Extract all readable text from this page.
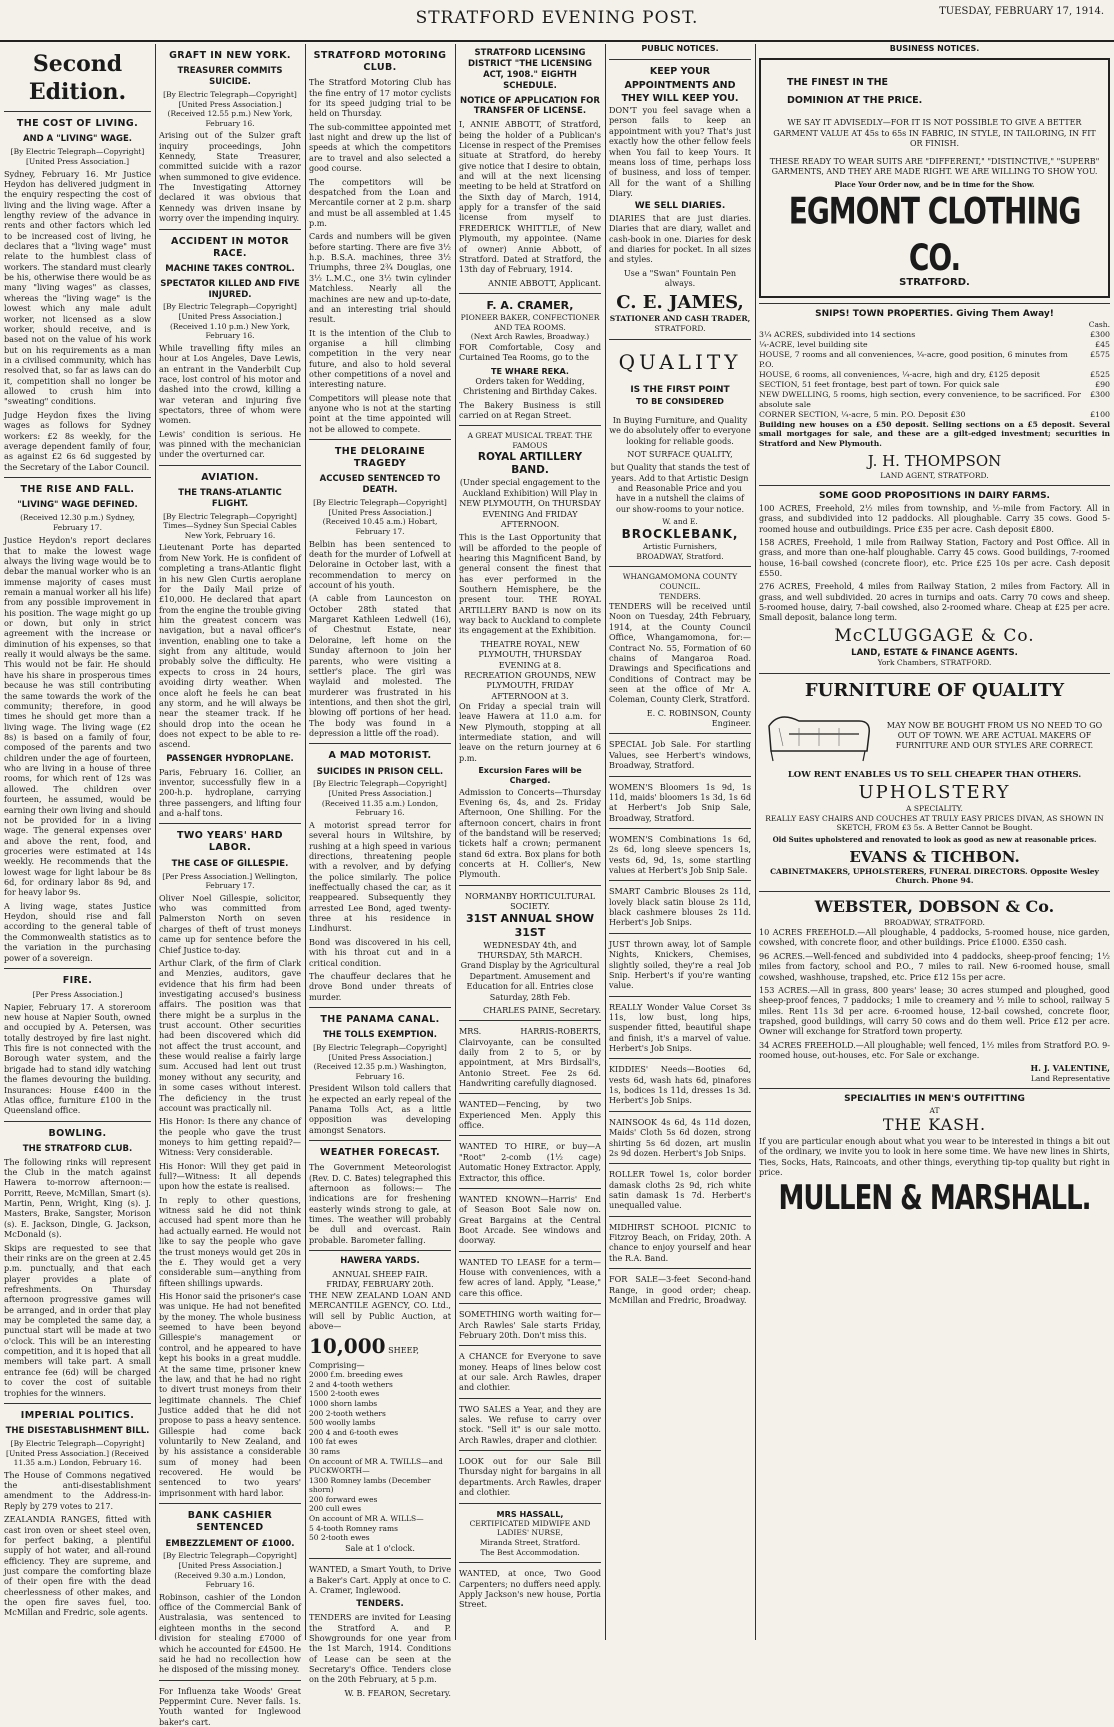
STRATFORD EVENING POST.	TUESDAY, FEBRUARY 17, 1914.
Second Edition.
THE COST OF LIVING.
AND A "LIVING" WAGE.
[By Electric Telegraph—Copyright] [United Press Association.]

Sydney, February 16. Mr Justice Heydon has delivered judgment in the enquiry respecting the cost of living and the living wage. After a lengthy review of the advance in rents and other factors which led to be increased cost of living, he declares that a "living wage" must relate to the humblest class of workers. The standard must clearly be his, otherwise there would be as many "living wages" as classes, whereas the "living wage" is the lowest which any male adult worker, not licensed as a slow worker, should receive, and is based not on the value of his work but on his requirements as a man in a civilised community, which has resolved that, so far as laws can do it, competition shall no longer be allowed to crush him into "sweating" conditions.

Judge Heydon fixes the living wages as follows for Sydney workers: £2 8s weekly, for the average dependent family of four, as against £2 6s 6d suggested by the Secretary of the Labor Council.

THE RISE AND FALL.
"LIVING" WAGE DEFINED.
(Received 12.30 p.m.) Sydney, February 17.

Justice Heydon's report declares that to make the lowest wage always the living wage would be to debar the manual worker who is an immense majority of cases must remain a manual worker all his life) from any possible improvement in his position. The wage might go up or down, but only in strict agreement with the increase or diminution of his expenses, so that really it would always be the same. This would not be fair. He should have his share in prosperous times because he was still contributing the same towards the work of the community; therefore, in good times he should get more than a living wage. The living wage (£2 8s) is based on a family of four, composed of the parents and two children under the age of fourteen, who are living in a house of three rooms, for which rent of 12s was allowed. The children over fourteen, he assumed, would be earning their own living and should not be provided for in a living wage. The general expenses over and above the rent, food, and groceries were estimated at 14s weekly. He recommends that the lowest wage for light labour be 8s 6d, for ordinary labor 8s 9d, and for heavy labor 9s.

A living wage, states Justice Heydon, should rise and fall according to the general table of the Commonwealth statistics as to the variation in the purchasing power of a sovereign.

FIRE.
[Per Press Association.]

Napier, February 17. A storeroom new house at Napier South, owned and occupied by A. Petersen, was totally destroyed by fire last night. This fire is not connected with the Borough water system, and the brigade had to stand idly watching the flames devouring the building. Insurances: House £400 in the Atlas office, furniture £100 in the Queensland office.

BOWLING.
THE STRATFORD CLUB.

The following rinks will represent the Club in the match against Hawera to-morrow afternoon:— Porritt, Reeve, McMillan, Smart (s). Martin, Penn, Wright, King (s). J. Masters, Brake, Sangster, Morison (s). E. Jackson, Dingle, G. Jackson, McDonald (s).

Skips are requested to see that their rinks are on the green at 2.45 p.m. punctually, and that each player provides a plate of refreshments. On Thursday afternoon progressive games will be arranged, and in order that play may be completed the same day, a punctual start will be made at two o'clock. This will be an interesting competition, and it is hoped that all members will take part. A small entrance fee (6d) will be charged to cover the cost of suitable trophies for the winners.

IMPERIAL POLITICS.
THE DISESTABLISHMENT BILL.
[By Electric Telegraph—Copyright] [United Press Association.] (Received 11.35 a.m.) London, February 16.

The House of Commons negatived the anti-disestablishment amendment to the Address-in-Reply by 279 votes to 217.

ZEALANDIA RANGES, fitted with cast iron oven or sheet steel oven, for perfect baking, a plentiful supply of hot water, and all-round efficiency. They are supreme, and just compare the comforting blaze of their open fire with the dead cheerlessness of other makes, and the open fire saves fuel, too. McMillan and Fredric, sole agents.

GRAFT IN NEW YORK.
TREASURER COMMITS SUICIDE.
[By Electric Telegraph—Copyright] [United Press Association.] (Received 12.55 p.m.) New York, February 16.

Arising out of the Sulzer graft inquiry proceedings, John Kennedy, State Treasurer, committed suicide with a razor when summoned to give evidence. The Investigating Attorney declared it was obvious that Kennedy was driven insane by worry over the impending inquiry.

ACCIDENT IN MOTOR RACE.
MACHINE TAKES CONTROL.
SPECTATOR KILLED AND FIVE INJURED.
[By Electric Telegraph—Copyright] [United Press Association.] (Received 1.10 p.m.) New York, February 16.

While travelling fifty miles an hour at Los Angeles, Dave Lewis, an entrant in the Vanderbilt Cup race, lost control of his motor and dashed into the crowd, killing a war veteran and injuring five spectators, three of whom were women.

Lewis' condition is serious. He was pinned with the mechanician under the overturned car.

AVIATION.
THE TRANS-ATLANTIC FLIGHT.
[By Electric Telegraph—Copyright] Times—Sydney Sun Special Cables New York, February 16.

Lieutenant Porte has departed from New York. He is confident of completing a trans-Atlantic flight in his new Glen Curtis aeroplane for the Daily Mail prize of £10,000. He declared that apart from the engine the trouble giving him the greatest concern was navigation, but a naval officer's invention, enabling one to take a sight from any altitude, would probably solve the difficulty. He expects to cross in 24 hours, avoiding dirty weather. When once aloft he feels he can beat any storm, and he will always be near the steamer track. If he should drop into the ocean he does not expect to be able to re-ascend.

PASSENGER HYDROPLANE.

Paris, February 16. Collier, an inventor, successfully flew in a 200-h.p. hydroplane, carrying three passengers, and lifting four and a-half tons.

TWO YEARS' HARD LABOR.
THE CASE OF GILLESPIE.
[Per Press Association.] Wellington, February 17.

Oliver Noel Gillespie, solicitor, who was committed from Palmerston North on seven charges of theft of trust moneys came up for sentence before the Chief Justice to-day.

Arthur Clark, of the firm of Clark and Menzies, auditors, gave evidence that his firm had been investigating accused's business affairs. The position was that there might be a surplus in the trust account. Other securities had been discovered which did not affect the trust account, and these would realise a fairly large sum. Accused had lent out trust money without any security, and in some cases without interest. The deficiency in the trust account was practically nil.

His Honor: Is there any chance of the people who gave the trust moneys to him getting repaid?—Witness: Very considerable.

His Honor: Will they get paid in full?—Witness: It all depends upon how the estate is realised.

In reply to other questions, witness said he did not think accused had spent more than he had actually earned. He would not like to say the people who gave the trust moneys would get 20s in the £. They would get a very considerable sum—anything from fifteen shillings upwards.

His Honor said the prisoner's case was unique. He had not benefited by the money. The whole business seemed to have been beyond Gillespie's management or control, and he appeared to have kept his books in a great muddle. At the same time, prisoner knew the law, and that he had no right to divert trust moneys from their legitimate channels. The Chief Justice added that he did not propose to pass a heavy sentence. Gillespie had come back voluntarily to New Zealand, and by his assistance a considerable sum of money had been recovered. He would be sentenced to two years' imprisonment with hard labor.

BANK CASHIER SENTENCED
EMBEZZLEMENT OF £1000.
[By Electric Telegraph—Copyright] [United Press Association.] (Received 9.30 a.m.) London, February 16.

Robinson, cashier of the London office of the Commercial Bank of Australasia, was sentenced to eighteen months in the second division for stealing £7000 of which he accounted for £4500. He said he had no recollection how he disposed of the missing money.

For Influenza take Woods' Great Peppermint Cure. Never fails. 1s. Youth wanted for Inglewood baker's cart.

STRATFORD MOTORING CLUB.

The Stratford Motoring Club has the fine entry of 17 motor cyclists for its speed judging trial to be held on Thursday.

The sub-committee appointed met last night and drew up the list of speeds at which the competitors are to travel and also selected a good course.

The competitors will be despatched from the Loan and Mercantile corner at 2 p.m. sharp and must be all assembled at 1.45 p.m.

Cards and numbers will be given before starting. There are five 3½ h.p. B.S.A. machines, three 3½ Triumphs, three 2¾ Douglas, one 3½ L.M.C., one 3½ twin cylinder Matchless. Nearly all the machines are new and up-to-date, and an interesting trial should result.

It is the intention of the Club to organise a hill climbing competition in the very near future, and also to hold several other competitions of a novel and interesting nature.

Competitors will please note that anyone who is not at the starting point at the time appointed will not be allowed to compete.

THE DELORAINE TRAGEDY
ACCUSED SENTENCED TO DEATH.
[By Electric Telegraph—Copyright] [United Press Association.] (Received 10.45 a.m.) Hobart, February 17.

Belbin has been sentenced to death for the murder of Lofwell at Deloraine in October last, with a recommendation to mercy on account of his youth.

(A cable from Launceston on October 28th stated that Margaret Kathleen Ledwell (16), of Chestnut Estate, near Deloraine, left home on the Sunday afternoon to join her parents, who were visiting a settler's place. The girl was waylaid and molested. The murderer was frustrated in his intentions, and then shot the girl, blowing off portions of her head. The body was found in a depression a little off the road).

A MAD MOTORIST.
SUICIDES IN PRISON CELL.
[By Electric Telegraph—Copyright] [United Press Association.] (Received 11.35 a.m.) London, February 16.

A motorist spread terror for several hours in Wiltshire, by rushing at a high speed in various directions, threatening people with a revolver, and by defying the police similarly. The police ineffectually chased the car, as it reappeared. Subsequently they arrested Lee Bond, aged twenty-three at his residence in Lindhurst.

Bond was discovered in his cell, with his throat cut and in a critical condition.

The chauffeur declares that he drove Bond under threats of murder.

THE PANAMA CANAL.
THE TOLLS EXEMPTION.
[By Electric Telegraph—Copyright] [United Press Association.] (Received 12.35 p.m.) Washington, February 16.

President Wilson told callers that he expected an early repeal of the Panama Tolls Act, as a little opposition was developing amongst Senators.

WEATHER FORECAST.

The Government Meteorologist (Rev. D. C. Bates) telegraphed this afternoon as follows:— The indications are for freshening easterly winds strong to gale, at times. The weather will probably be dull and overcast. Rain probable. Barometer falling.

HAWERA YARDS.
ANNUAL SHEEP FAIR.
FRIDAY, FEBRUARY 20th.

THE NEW ZEALAND LOAN AND MERCANTILE AGENCY, CO. Ltd., will sell by Public Auction, at above—

10,000 SHEEP, Comprising—
2000 f.m. breeding ewes
2 and 4-tooth wethers
1500 2-tooth ewes
1000 shorn lambs
200 2-tooth wethers
500 woolly lambs
200 4 and 6-tooth ewes
100 fat ewes
30 rams
On account of MR A. TWILLS—and PUCKWORTH—
1300 Romney lambs (December shorn)
200 forward ewes
200 cull ewes
On account of MR A. WILLS—
5 4-tooth Romney rams
50 2-tooth ewes
Sale at 1 o'clock.

WANTED, a Smart Youth, to Drive a Baker's Cart. Apply at once to C. A. Cramer, Inglewood.

TENDERS.

TENDERS are invited for Leasing the Stratford A. and P. Showgrounds for one year from the 1st March, 1914. Conditions of Lease can be seen at the Secretary's Office. Tenders close on the 20th February, at 5 p.m.

W. B. FEARON, Secretary.
STRATFORD LICENSING DISTRICT "THE LICENSING ACT, 1908." EIGHTH SCHEDULE.
NOTICE OF APPLICATION FOR TRANSFER OF LICENSE.

I, ANNIE ABBOTT, of Stratford, being the holder of a Publican's License in respect of the Premises situate at Stratford, do hereby give notice that I desire to obtain, and will at the next licensing meeting to be held at Stratford on the Sixth day of March, 1914, apply for a transfer of the said license from myself to FREDERICK WHITTLE, of New Plymouth, my appointee. (Name of owner) Annie Abbott, of Stratford. Dated at Stratford, the 13th day of February, 1914.

ANNIE ABBOTT, Applicant.
F. A. CRAMER,
PIONEER BAKER, CONFECTIONER AND TEA ROOMS.
(Next Arch Rawles, Broadway.)

FOR Comfortable, Cosy and Curtained Tea Rooms, go to the

TE WHARE REKA.

Orders taken for Wedding, Christening and Birthday Cakes.

The Bakery Business is still carried on at Regan Street.

A GREAT MUSICAL TREAT. THE FAMOUS
ROYAL ARTILLERY BAND.

(Under special engagement to the Auckland Exhibition) Will Play in NEW PLYMOUTH, On THURSDAY EVENING And FRIDAY AFTERNOON.

This is the Last Opportunity that will be afforded to the people of hearing this Magnificent Band, by general consent the finest that has ever performed in the Southern Hemisphere, be the present tour. THE ROYAL ARTILLERY BAND is now on its way back to Auckland to complete its engagement at the Exhibition.

THEATRE ROYAL, NEW PLYMOUTH, THURSDAY EVENING at 8.
RECREATION GROUNDS, NEW PLYMOUTH, FRIDAY AFTERNOON at 3.

On Friday a special train will leave Hawera at 11.0 a.m. for New Plymouth, stopping at all intermediate station, and will leave on the return journey at 6 p.m.

Excursion Fares will be Charged.

Admission to Concerts—Thursday Evening 6s, 4s, and 2s. Friday Afternoon, One Shilling. For the afternoon concert, chairs in front of the bandstand will be reserved; tickets half a crown; permanent stand 6d extra. Box plans for both concerts at H. Collier's, New Plymouth.

NORMANBY HORTICULTURAL SOCIETY.
31ST ANNUAL SHOW 31ST
WEDNESDAY 4th, and THURSDAY, 5th MARCH.

Grand Display by the Agricultural Department. Amusement and Education for all. Entries close Saturday, 28th Feb.

CHARLES PAINE, Secretary.

MRS. HARRIS-ROBERTS, Clairvoyante, can be consulted daily from 2 to 5, or by appointment, at Mrs Birdsall's, Antonio Street. Fee 2s 6d. Handwriting carefully diagnosed.

WANTED—Fencing, by two Experienced Men. Apply this office.

WANTED TO HIRE, or buy—A "Root" 2-comb (1½ cage) Automatic Honey Extractor. Apply, Extractor, this office.

WANTED KNOWN—Harris' End of Season Boot Sale now on. Great Bargains at the Central Boot Arcade. See windows and doorway.

WANTED TO LEASE for a term—House with conveniences, with a few acres of land. Apply, "Lease," care this office.

SOMETHING worth waiting for—Arch Rawles' Sale starts Friday, February 20th. Don't miss this.

A CHANCE for Everyone to save money. Heaps of lines below cost at our sale. Arch Rawles, draper and clothier.

TWO SALES a Year, and they are sales. We refuse to carry over stock. "Sell it" is our sale motto. Arch Rawles, draper and clothier.

LOOK out for our Sale Bill Thursday night for bargains in all departments. Arch Rawles, draper and clothier.

MRS HASSALL,
CERTIFICATED MIDWIFE AND LADIES' NURSE,
Miranda Street, Stratford.
The Best Accommodation.

WANTED, at once, Two Good Carpenters; no duffers need apply. Apply Jackson's new house, Portia Street.

PUBLIC NOTICES.
KEEP YOUR APPOINTMENTS AND THEY WILL KEEP YOU.

DON'T you feel savage when a person fails to keep an appointment with you? That's just exactly how the other fellow feels when You fail to keep Yours. It means loss of time, perhaps loss of business, and loss of temper. All for the want of a Shilling Diary.

WE SELL DIARIES.

DIARIES that are just diaries. Diaries that are diary, wallet and cash-book in one. Diaries for desk and diaries for pocket. In all sizes and styles.

Use a "Swan" Fountain Pen always.

C. E. JAMES,
STATIONER AND CASH TRADER,
STRATFORD.
QUALITY
IS THE FIRST POINT
TO BE CONSIDERED

In Buying Furniture, and Quality we do absolutely offer to everyone looking for reliable goods.

NOT SURFACE QUALITY,

but Quality that stands the test of years. Add to that Artistic Design and Reasonable Price and you have in a nutshell the claims of our show-rooms to your notice.

W. and E.
BROCKLEBANK,
Artistic Furnishers,
BROADWAY, Stratford.
WHANGAMOMONA COUNTY COUNCIL.
TENDERS.

TENDERS will be received until Noon on Tuesday, 24th February, 1914, at the County Council Office, Whangamomona, for:— Contract No. 55, Formation of 60 chains of Mangaroa Road. Drawings and Specifications and Conditions of Contract may be seen at the office of Mr A. Coleman, County Clerk, Stratford.

E. C. ROBINSON, County Engineer.

SPECIAL Job Sale. For startling Values, see Herbert's windows, Broadway, Stratford.

WOMEN'S Bloomers 1s 9d, 1s 11d, maids' bloomers 1s 3d, 1s 6d at Herbert's Job Snip Sale, Broadway, Stratford.

WOMEN'S Combinations 1s 6d, 2s 6d, long sleeve spencers 1s, vests 6d, 9d, 1s, some startling values at Herbert's Job Snip Sale.

SMART Cambric Blouses 2s 11d, lovely black satin blouse 2s 11d, black cashmere blouses 2s 11d. Herbert's Job Snips.

JUST thrown away, lot of Sample Nights, Knickers, Chemises, slightly soiled, they're a real Job Snip. Herbert's if you're wanting value.

REALLY Wonder Value Corset 3s 11s, low bust, long hips, suspender fitted, beautiful shape and finish, it's a marvel of value. Herbert's Job Snips.

KIDDIES' Needs—Booties 6d, vests 6d, wash hats 6d, pinafores 1s, bodices 1s 11d, dresses 1s 3d. Herbert's Job Snips.

NAINSOOK 4s 6d, 4s 11d dozen, Maids' Cloth 5s 6d dozen, strong shirting 5s 6d dozen, art muslin 2s 9d dozen. Herbert's Job Snips.

ROLLER Towel 1s, color border damask cloths 2s 9d, rich white satin damask 1s 7d. Herbert's unequalled value.

MIDHIRST SCHOOL PICNIC to Fitzroy Beach, on Friday, 20th. A chance to enjoy yourself and hear the R.A. Band.

FOR SALE—3-feet Second-hand Range, in good order; cheap. McMillan and Fredric, Broadway.

BUSINESS NOTICES.
THE FINEST IN THE DOMINION AT THE PRICE.

WE SAY IT ADVISEDLY—FOR IT IS NOT POSSIBLE TO GIVE A BETTER GARMENT VALUE AT 45s to 65s IN FABRIC, IN STYLE, IN TAILORING, IN FIT OR FINISH.

THESE READY TO WEAR SUITS ARE "DIFFERENT," "DISTINCTIVE," "SUPERB" GARMENTS, AND THEY ARE MADE RIGHT. WE ARE WILLING TO SHOW YOU.

Place Your Order now, and be in time for the Show.

EGMONT CLOTHING CO.
STRATFORD.
SNIPS! TOWN PROPERTIES. Giving Them Away!
Cash.
3¼ ACRES, subdivided into 14 sections	£300
¼-ACRE, level building site	£45
HOUSE, 7 rooms and all conveniences, ¼-acre, good position, 6 minutes from P.O.
£575
HOUSE, 6 rooms, all conveniences, ¼-acre, high and dry, £125 deposit	£525
SECTION, 51 feet frontage, best part of town. For quick sale	£90
NEW DWELLING, 5 rooms, high section, every convenience, to be sacrificed. For absolute sale
£300
CORNER SECTION, ¼-acre, 5 min. P.O. Deposit £30	£100

Building new houses on a £50 deposit. Selling sections on a £5 deposit. Several small mortgages for sale, and these are a gilt-edged investment; securities in Stratford and New Plymouth.

J. H. THOMPSON
LAND AGENT, STRATFORD.
SOME GOOD PROPOSITIONS IN DAIRY FARMS.

100 ACRES, Freehold, 2½ miles from township, and ½-mile from Factory. All in grass, and subdivided into 12 paddocks. All ploughable. Carry 35 cows. Good 5-roomed house and outbuildings. Price £35 per acre. Cash deposit £800.

158 ACRES, Freehold, 1 mile from Railway Station, Factory and Post Office. All in grass, and more than one-half ploughable. Carry 45 cows. Good buildings, 7-roomed house, 16-bail cowshed (concrete floor), etc. Price £25 10s per acre. Cash deposit £550.

276 ACRES, Freehold, 4 miles from Railway Station, 2 miles from Factory. All in grass, and well subdivided. 20 acres in turnips and oats. Carry 70 cows and sheep. 5-roomed house, dairy, 7-bail cowshed, also 2-roomed whare. Cheap at £25 per acre. Small deposit, balance long term.

McCLUGGAGE & Co.
LAND, ESTATE & FINANCE AGENTS.
York Chambers, STRATFORD.
FURNITURE OF QUALITY
MAY NOW BE BOUGHT FROM US NO NEED TO GO OUT OF TOWN. WE ARE ACTUAL MAKERS OF FURNITURE AND OUR STYLES ARE CORRECT.
LOW RENT ENABLES US TO SELL CHEAPER THAN OTHERS.
UPHOLSTERY
A SPECIALITY.

REALLY EASY CHAIRS AND COUCHES AT TRULY EASY PRICES DIVAN, AS SHOWN IN SKETCH, FROM £3 5s. A Better Cannot be Bought.

Old Suites upholstered and renovated to look as good as new at reasonable prices.

EVANS & TICHBON.
CABINETMAKERS, UPHOLSTERERS, FUNERAL DIRECTORS. Opposite Wesley Church. Phone 94.
WEBSTER, DOBSON & Co.
BROADWAY, STRATFORD.

10 ACRES FREEHOLD.—All ploughable, 4 paddocks, 5-roomed house, nice garden, cowshed, with concrete floor, and other buildings. Price £1000. £350 cash.

96 ACRES.—Well-fenced and subdivided into 4 paddocks, sheep-proof fencing; 1½ miles from factory, school and P.O., 7 miles to rail. New 6-roomed house, small cowshed, washhouse, trapshed, etc. Price £12 15s per acre.

153 ACRES.—All in grass, 800 years' lease; 30 acres stumped and ploughed, good sheep-proof fences, 7 paddocks; 1 mile to creamery and ½ mile to school, railway 5 miles. Rent 11s 3d per acre. 6-roomed house, 12-bail cowshed, concrete floor, trapshed, good buildings, will carry 50 cows and do them well. Price £12 per acre. Owner will exchange for Stratford town property.

34 ACRES FREEHOLD.—All ploughable; well fenced, 1½ miles from Stratford P.O. 9-roomed house, out-houses, etc. For Sale or exchange.

H. J. VALENTINE,
Land Representative
SPECIALITIES IN MEN'S OUTFITTING
AT
THE KASH.

If you are particular enough about what you wear to be interested in things a bit out of the ordinary, we invite you to look in here some time. We have new lines in Shirts, Ties, Socks, Hats, Raincoats, and other things, everything tip-top quality but right in price.

MULLEN & MARSHALL.
